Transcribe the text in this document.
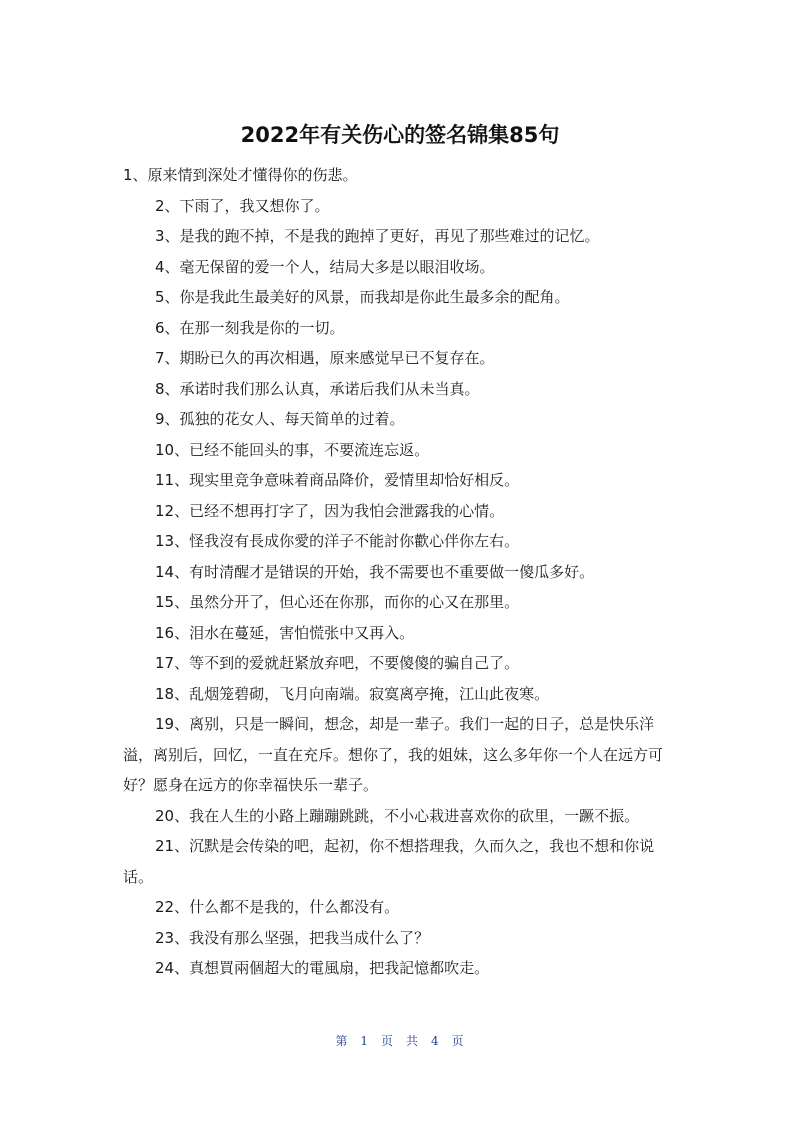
2022年有关伤心的签名锦集85句

1、原来情到深处才懂得你的伤悲。

2、下雨了，我又想你了。

3、是我的跑不掉，不是我的跑掉了更好，再见了那些难过的记忆。

4、毫无保留的爱一个人，结局大多是以眼泪收场。

5、你是我此生最美好的风景，而我却是你此生最多余的配角。

6、在那一刻我是你的一切。

7、期盼已久的再次相遇，原来感觉早已不复存在。

8、承诺时我们那么认真，承诺后我们从未当真。

9、孤独的花女人、每天简单的过着。

10、已经不能回头的事，不要流连忘返。

11、现实里竞争意味着商品降价，爱情里却恰好相反。

12、已经不想再打字了，因为我怕会泄露我的心情。

13、怪我沒有長成你愛的洋子不能討你歡心伴你左右。

14、有时清醒才是错误的开始，我不需要也不重要做一傻瓜多好。

15、虽然分开了，但心还在你那，而你的心又在那里。

16、泪水在蔓延，害怕慌张中又再入。

17、等不到的爱就赶紧放弃吧，不要傻傻的骗自己了。

18、乱烟笼碧砌，飞月向南端。寂寞离亭掩，江山此夜寒。

19、离别，只是一瞬间，想念，却是一辈子。我们一起的日子，总是快乐洋溢，离别后，回忆，一直在充斥。想你了，我的姐妹，这么多年你一个人在远方可好？愿身在远方的你幸福快乐一辈子。

20、我在人生的小路上蹦蹦跳跳，不小心栽进喜欢你的砍里，一蹶不振。

21、沉默是会传染的吧，起初，你不想搭理我，久而久之，我也不想和你说话。

22、什么都不是我的，什么都没有。

23、我没有那么坚强，把我当成什么了？

24、真想買兩個超大的電風扇，把我記憶都吹走。

第 1 页 共 4 页
